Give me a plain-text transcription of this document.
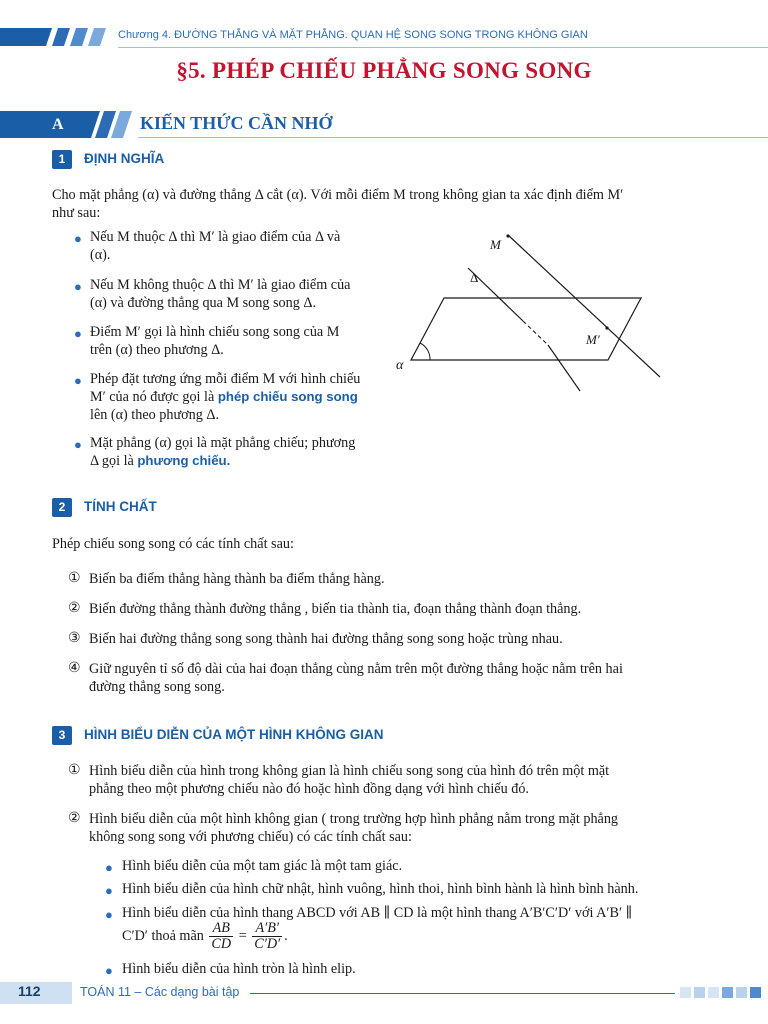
Chương 4. ĐƯỜNG THẲNG VÀ MẶT PHẲNG. QUAN HỆ SONG SONG TRONG KHÔNG GIAN
§5. PHÉP CHIẾU PHẲNG SONG SONG
A	KIẾN THỨC CẦN NHỚ
1	ĐỊNH NGHĨA

Cho mặt phẳng (α) và đường thẳng Δ cắt (α). Với mỗi điểm M trong không gian ta xác định điểm M′

như sau:

● Nếu M thuộc Δ thì M′ là giao điểm của Δ và

(α).

● Nếu M không thuộc Δ thì M′ là giao điểm của

(α) và đường thẳng qua M song song Δ.

● Điểm M′ gọi là hình chiếu song song của M

trên (α) theo phương Δ.

● Phép đặt tương ứng mỗi điểm M với hình chiếu

M′ của nó được gọi là phép chiếu song song

lên (α) theo phương Δ.

● Mặt phẳng (α) gọi là mặt phẳng chiếu; phương

Δ gọi là phương chiếu.

M
M′
Δ
α
2	TÍNH CHẤT

Phép chiếu song song có các tính chất sau:

① Biến ba điểm thẳng hàng thành ba điểm thẳng hàng.

② Biến đường thẳng thành đường thẳng , biến tia thành tia, đoạn thẳng thành đoạn thẳng.

③ Biến hai đường thẳng song song thành hai đường thẳng song song hoặc trùng nhau.

④ Giữ nguyên tỉ số độ dài của hai đoạn thẳng cùng nằm trên một đường thẳng hoặc nằm trên hai

đường thẳng song song.

3	HÌNH BIỂU DIỄN CỦA MỘT HÌNH KHÔNG GIAN
① Hình biểu diễn của hình trong không gian là hình chiếu song song của hình đó trên một mặt

phẳng theo một phương chiếu nào đó hoặc hình đồng dạng với hình chiếu đó.

② Hình biểu diễn của một hình không gian ( trong trường hợp hình phẳng nằm trong mặt phẳng

không song song với phương chiếu) có các tính chất sau:

● Hình biểu diễn của một tam giác là một tam giác.

● Hình biểu diễn của hình chữ nhật, hình vuông, hình thoi, hình bình hành là hình bình hành.

● Hình biểu diễn của hình thang ABCD với AB ∥ CD là một hình thang A′B′C′D′ với A′B′ ∥

C′D′ thoả mãn $\frac{AB}{CD} = \frac{A'B'}{C'D'}$ .
● Hình biểu diễn của hình tròn là hình elip.

112	TOÁN 11 – Các dạng bài tập
